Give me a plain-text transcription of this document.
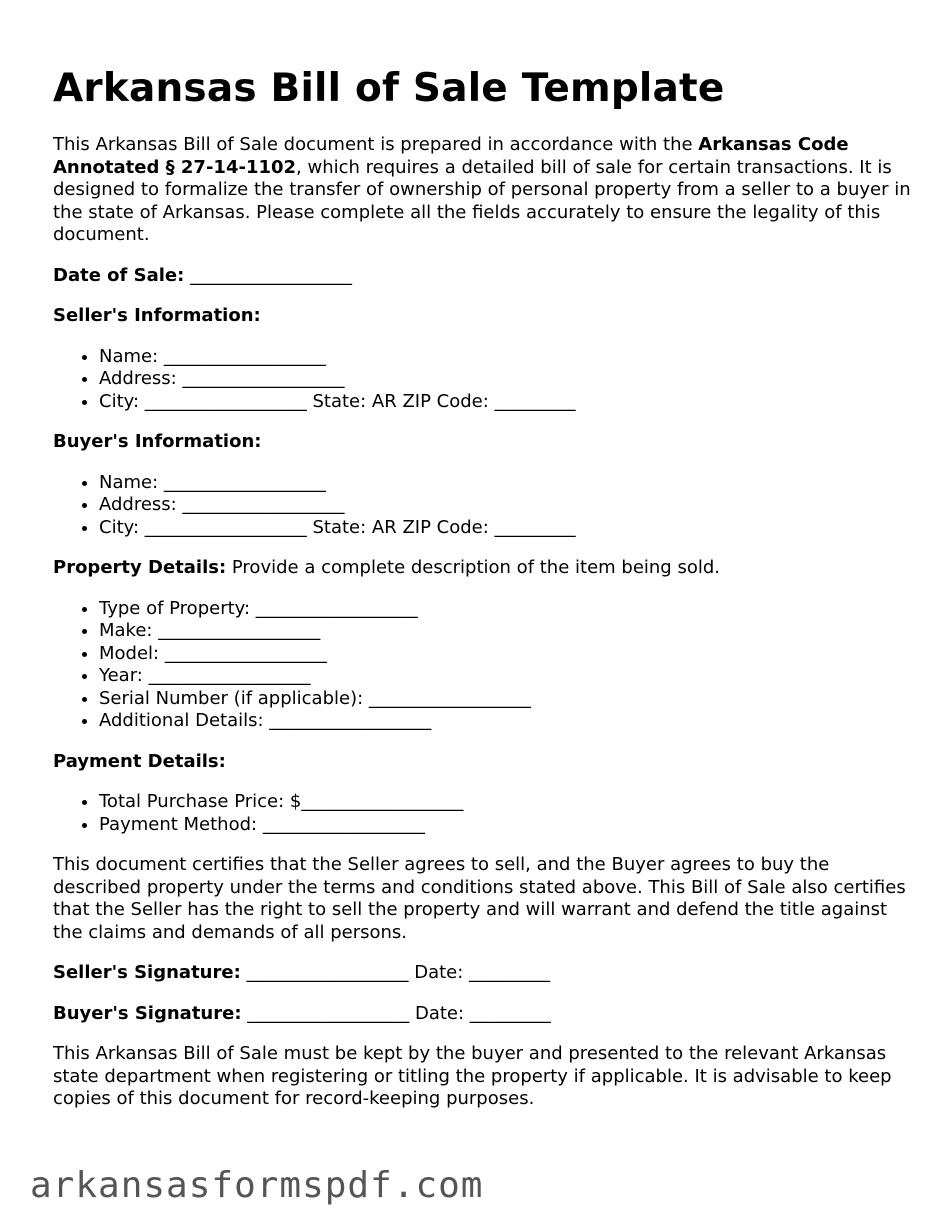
Arkansas Bill of Sale Template

This Arkansas Bill of Sale document is prepared in accordance with the Arkansas Code Annotated § 27-14-1102, which requires a detailed bill of sale for certain transactions. It is designed to formalize the transfer of ownership of personal property from a seller to a buyer in the state of Arkansas. Please complete all the fields accurately to ensure the legality of this document.

Date of Sale: __________________

Seller's Information:

• Name: __________________
• Address: __________________
• City: __________________ State: AR ZIP Code: _________

Buyer's Information:

• Name: __________________
• Address: __________________
• City: __________________ State: AR ZIP Code: _________

Property Details: Provide a complete description of the item being sold.

• Type of Property: __________________
• Make: __________________
• Model: __________________
• Year: __________________
• Serial Number (if applicable): __________________
• Additional Details: __________________

Payment Details:

• Total Purchase Price: $__________________
• Payment Method: __________________

This document certifies that the Seller agrees to sell, and the Buyer agrees to buy the described property under the terms and conditions stated above. This Bill of Sale also certifies that the Seller has the right to sell the property and will warrant and defend the title against the claims and demands of all persons.

Seller's Signature: __________________ Date: _________

Buyer's Signature: __________________ Date: _________

This Arkansas Bill of Sale must be kept by the buyer and presented to the relevant Arkansas state department when registering or titling the property if applicable. It is advisable to keep copies of this document for record-keeping purposes.

arkansasformspdf.com
